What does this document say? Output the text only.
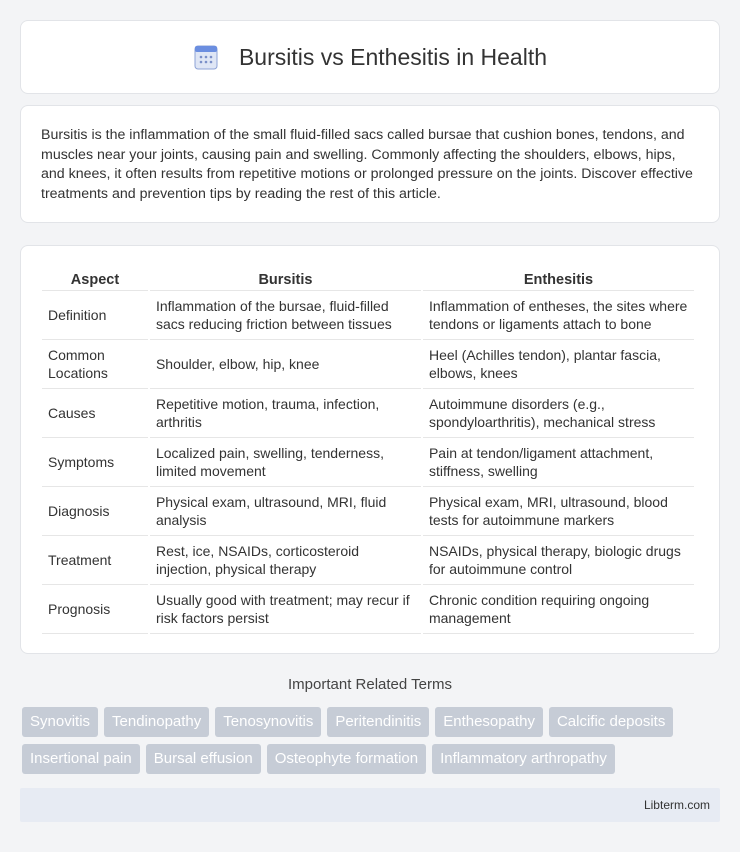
Bursitis vs Enthesitis in Health

Bursitis is the inflammation of the small fluid-filled sacs called bursae that cushion bones, tendons, and muscles near your joints, causing pain and swelling. Commonly affecting the shoulders, elbows, hips, and knees, it often results from repetitive motions or prolonged pressure on the joints. Discover effective treatments and prevention tips by reading the rest of this article.

Aspect	Bursitis	Enthesitis
Definition	Inflammation of the bursae, fluid-filled sacs reducing friction between tissues	Inflammation of entheses, the sites where tendons or ligaments attach to bone
Common Locations	Shoulder, elbow, hip, knee	Heel (Achilles tendon), plantar fascia, elbows, knees
Causes	Repetitive motion, trauma, infection, arthritis	Autoimmune disorders (e.g., spondyloarthritis), mechanical stress
Symptoms	Localized pain, swelling, tenderness, limited movement	Pain at tendon/ligament attachment, stiffness, swelling
Diagnosis	Physical exam, ultrasound, MRI, fluid analysis	Physical exam, MRI, ultrasound, blood tests for autoimmune markers
Treatment	Rest, ice, NSAIDs, corticosteroid injection, physical therapy	NSAIDs, physical therapy, biologic drugs for autoimmune control
Prognosis	Usually good with treatment; may recur if risk factors persist	Chronic condition requiring ongoing management
Important Related Terms
Synovitis	Tendinopathy	Tenosynovitis	Peritendinitis	Enthesopathy	Calcific deposits
Insertional pain	Bursal effusion	Osteophyte formation	Inflammatory arthropathy
Libterm.com
